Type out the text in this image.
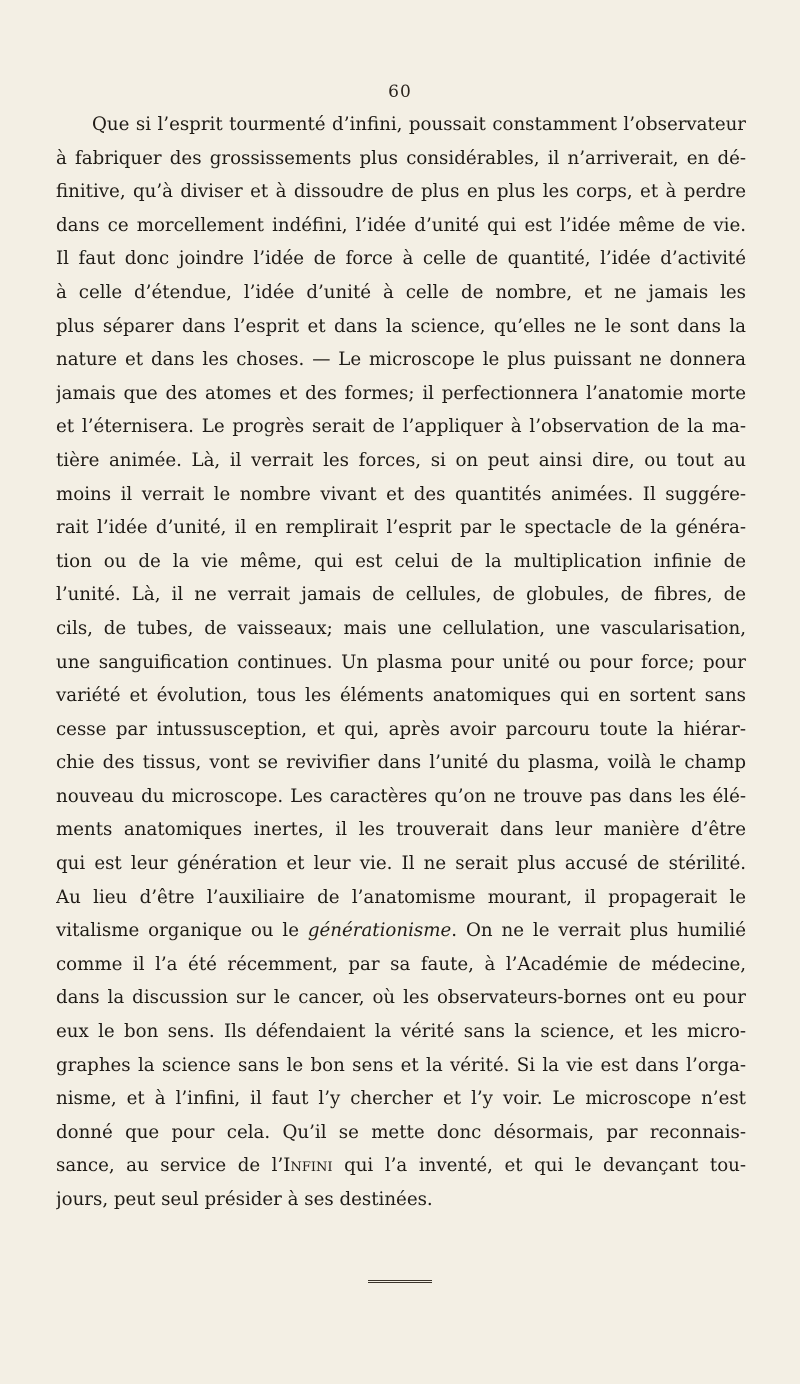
60
Que si l’esprit tourmenté d’infini, poussait constamment l’observateur
à fabriquer des grossissements plus considérables, il n’arriverait, en dé-
finitive, qu’à diviser et à dissoudre de plus en plus les corps, et à perdre
dans ce morcellement indéfini, l’idée d’unité qui est l’idée même de vie.
Il faut donc joindre l’idée de force à celle de quantité, l’idée d’activité
à celle d’étendue, l’idée d’unité à celle de nombre, et ne jamais les
plus séparer dans l’esprit et dans la science, qu’elles ne le sont dans la
nature et dans les choses. — Le microscope le plus puissant ne donnera
jamais que des atomes et des formes; il perfectionnera l’anatomie morte
et l’éternisera. Le progrès serait de l’appliquer à l’observation de la ma-
tière animée. Là, il verrait les forces, si on peut ainsi dire, ou tout au
moins il verrait le nombre vivant et des quantités animées. Il suggére-
rait l’idée d’unité, il en remplirait l’esprit par le spectacle de la généra-
tion ou de la vie même, qui est celui de la multiplication infinie de
l’unité. Là, il ne verrait jamais de cellules, de globules, de fibres, de
cils, de tubes, de vaisseaux; mais une cellulation, une vascularisation,
une sanguification continues. Un plasma pour unité ou pour force; pour
variété et évolution, tous les éléments anatomiques qui en sortent sans
cesse par intussusception, et qui, après avoir parcouru toute la hiérar-
chie des tissus, vont se revivifier dans l’unité du plasma, voilà le champ
nouveau du microscope. Les caractères qu’on ne trouve pas dans les élé-
ments anatomiques inertes, il les trouverait dans leur manière d’être
qui est leur génération et leur vie. Il ne serait plus accusé de stérilité.
Au lieu d’être l’auxiliaire de l’anatomisme mourant, il propagerait le
vitalisme organique ou le générationisme. On ne le verrait plus humilié
comme il l’a été récemment, par sa faute, à l’Académie de médecine,
dans la discussion sur le cancer, où les observateurs-bornes ont eu pour
eux le bon sens. Ils défendaient la vérité sans la science, et les micro-
graphes la science sans le bon sens et la vérité. Si la vie est dans l’orga-
nisme, et à l’infini, il faut l’y chercher et l’y voir. Le microscope n’est
donné que pour cela. Qu’il se mette donc désormais, par reconnais-
sance, au service de l’Infini qui l’a inventé, et qui le devançant tou-
jours, peut seul présider à ses destinées.
